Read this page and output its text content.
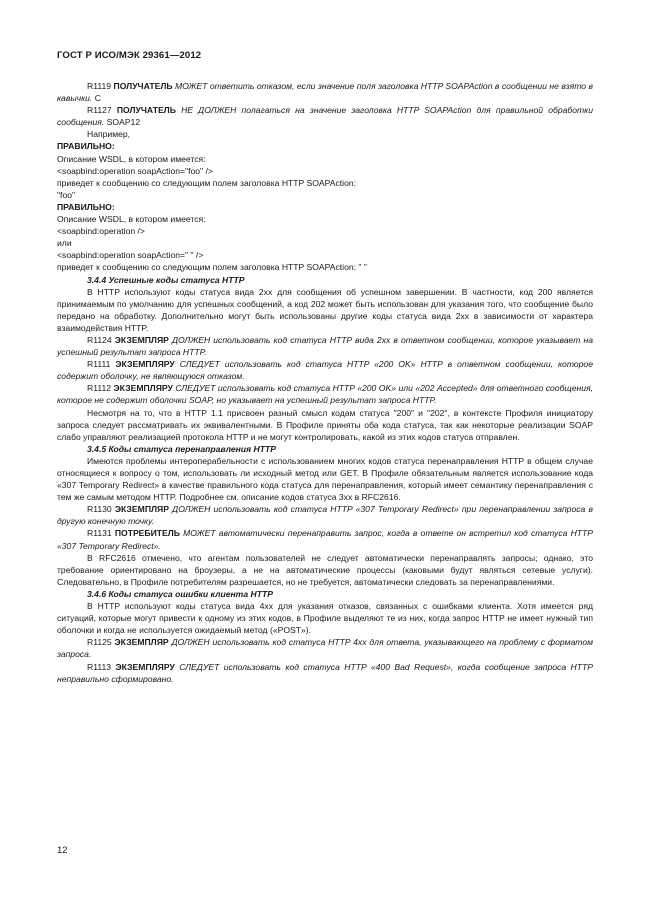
ГОСТ Р ИСО/МЭК 29361—2012

R1119 ПОЛУЧАТЕЛЬ МОЖЕТ ответить отказом, если значение поля заголовка HTTP SOAPAction в сообщении не взято в кавычки. C

R1127 ПОЛУЧАТЕЛЬ НЕ ДОЛЖЕН полагаться на значение заголовка HTTP SOAPAction для правильной обработки сообщения. SOAP12

Например,

ПРАВИЛЬНО:

Описание WSDL, в котором имеется:

<soapbind:operation soapAction="foo" />

приведет к сообщению со следующим полем заголовка HTTP SOAPAction:

"foo"

ПРАВИЛЬНО:

Описание WSDL, в котором имеется:

<soapbind:operation />

или

<soapbind:operation soapAction=" " />

приведет к сообщению со следующим полем заголовка HTTP SOAPAction: " "

3.4.4 Успешные коды статуса HTTP

В HTTP используют коды статуса вида 2xx для сообщения об успешном завершении. В частности, код 200 является принимаемым по умолчанию для успешных сообщений, а код 202 может быть использован для указания того, что сообщение было передано на обработку. Дополнительно могут быть использованы другие коды статуса вида 2xx в зависимости от характера взаимодействия HTTP.

R1124 ЭКЗЕМПЛЯР ДОЛЖЕН использовать код статуса HTTP вида 2xx в ответном сообщении, которое указывает на успешный результат запроса HTTP.

R1111 ЭКЗЕМПЛЯРУ СЛЕДУЕТ использовать код статуса HTTP «200 OK» HTTP в ответном сообщении, которое содержит оболочку, не являющуюся отказом.

R1112 ЭКЗЕМПЛЯРУ СЛЕДУЕТ использовать код статуса HTTP «200 OK» или «202 Accepted» для ответного сообщения, которое не содержит оболочки SOAP, но указывает на успешный результат запроса HTTP.

Несмотря на то, что в HTTP 1.1 присвоен разный смысл кодам статуса "200" и "202", в контексте Профиля инициатору запроса следует рассматривать их эквивалентными. В Профиле приняты оба кода статуса, так как некоторые реализации SOAP слабо управляют реализацией протокола HTTP и не могут контролировать, какой из этих кодов статуса отправлен.

3.4.5 Коды статуса перенаправления HTTP

Имеются проблемы интероперабельности с использованием многих кодов статуса перенаправления HTTP в общем случае относящиеся к вопросу о том, использовать ли исходный метод или GET. В Профиле обязательным является использование кода «307 Temporary Redirect» в качестве правильного кода статуса для перенаправления, который имеет семантику перенаправления с тем же самым методом HTTP. Подробнее см. описание кодов статуса 3xx в RFC2616.

R1130 ЭКЗЕМПЛЯР ДОЛЖЕН использовать код статуса HTTP «307 Temporary Redirect» при перенаправлении запроса в другую конечную точку.

R1131 ПОТРЕБИТЕЛЬ МОЖЕТ автоматически перенаправить запрос, когда в ответе он встретил код статуса HTTP «307 Temporary Redirect».

В RFC2616 отмечено, что агентам пользователей не следует автоматически перенаправлять запросы; однако, это требование ориентировано на броузеры, а не на автоматические процессы (каковыми будут являться сетевые услуги). Следовательно, в Профиле потребителям разрешается, но не требуется, автоматически следовать за перенаправлениями.

3.4.6 Коды статуса ошибки клиента HTTP

В HTTP используют коды статуса вида 4xx для указания отказов, связанных с ошибками клиента. Хотя имеется ряд ситуаций, которые могут привести к одному из этих кодов, в Профиле выделяют те из них, когда запрос HTTP не имеет нужный тип оболочки и когда не используется ожидаемый метод («POST»).

R1125 ЭКЗЕМПЛЯР ДОЛЖЕН использовать код статуса HTTP 4xx для ответа, указывающего на проблему с форматом запроса.

R1113 ЭКЗЕМПЛЯРУ СЛЕДУЕТ использовать код статуса HTTP «400 Bad Request», когда сообщение запроса HTTP неправильно сформировано.

12
